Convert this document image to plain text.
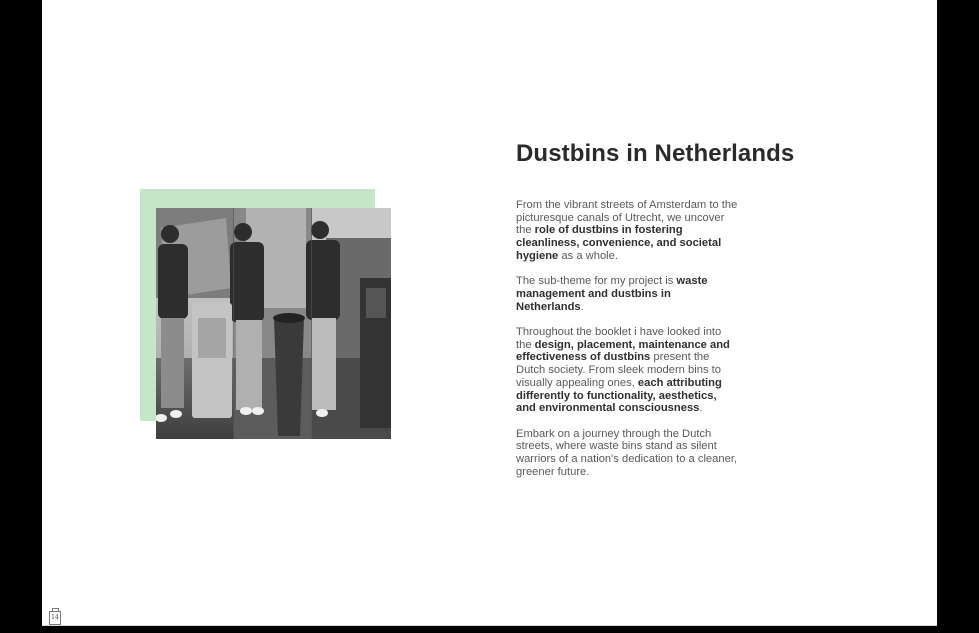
Dustbins in Netherlands

From the vibrant streets of Amsterdam to the picturesque canals of Utrecht, we uncover the role of dustbins in fostering cleanliness, convenience, and societal hygiene as a whole.

The sub-theme for my project is waste management and dustbins in Netherlands.

Throughout the booklet i have looked into the design, placement, maintenance and effectiveness of dustbins present the Dutch society. From sleek modern bins to visually appealing ones, each attributing differently to functionality, aesthetics, and environmental consciousness.

Embark on a journey through the Dutch streets, where waste bins stand as silent warriors of a nation's dedication to a cleaner, greener future.

14
